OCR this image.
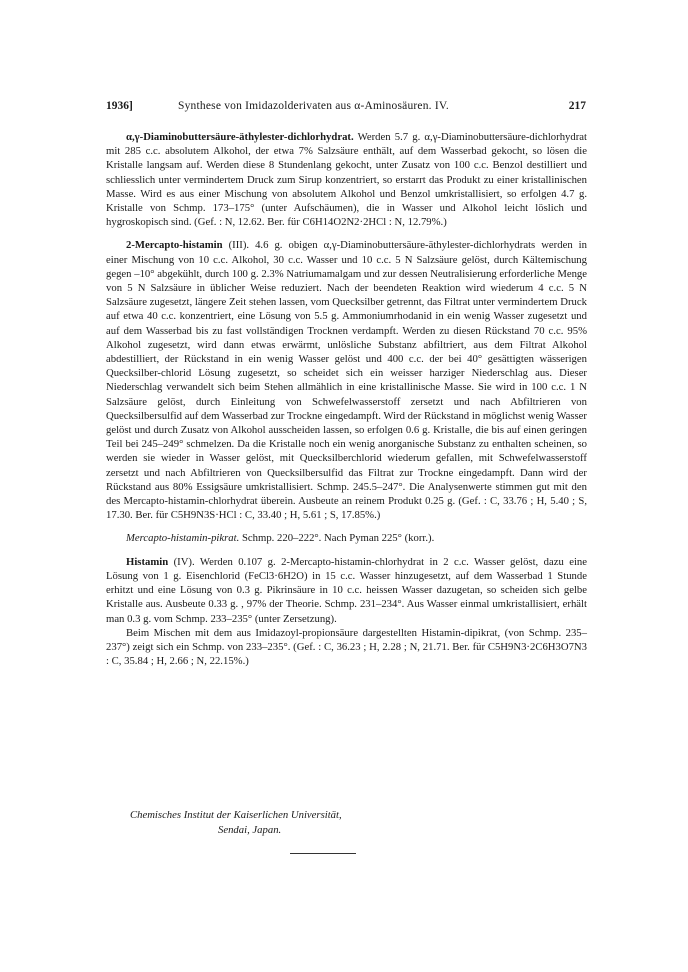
1936]	Synthese von Imidazolderivaten aus α-Aminosäuren. IV.	217

α,γ-Diaminobuttersäure-äthylester-dichlorhydrat. Werden 5.7 g. α,γ-Diaminobuttersäure-dichlorhydrat mit 285 c.c. absolutem Alkohol, der etwa 7% Salzsäure enthält, auf dem Wasserbad gekocht, so lösen die Kristalle langsam auf. Werden diese 8 Stundenlang gekocht, unter Zusatz von 100 c.c. Benzol destilliert und schliesslich unter vermindertem Druck zum Sirup konzentriert, so erstarrt das Produkt zu einer kristallinischen Masse. Wird es aus einer Mischung von absolutem Alkohol und Benzol umkristallisiert, so erfolgen 4.7 g. Kristalle von Schmp. 173–175° (unter Aufschäumen), die in Wasser und Alkohol leicht löslich und hygroskopisch sind. (Gef. : N, 12.62. Ber. für C6H14O2N2·2HCl : N, 12.79%.)

2-Mercapto-histamin (III). 4.6 g. obigen α,γ-Diaminobuttersäure-äthylester-dichlorhydrats werden in einer Mischung von 10 c.c. Alkohol, 30 c.c. Wasser und 10 c.c. 5 N Salzsäure gelöst, durch Kältemischung gegen –10° abgekühlt, durch 100 g. 2.3% Natriumamalgam und zur dessen Neutralisierung erforderliche Menge von 5 N Salzsäure in üblicher Weise reduziert. Nach der beendeten Reaktion wird wiederum 4 c.c. 5 N Salzsäure zugesetzt, längere Zeit stehen lassen, vom Quecksilber getrennt, das Filtrat unter vermindertem Druck auf etwa 40 c.c. konzentriert, eine Lösung von 5.5 g. Ammoniumrhodanid in ein wenig Wasser zugesetzt und auf dem Wasserbad bis zu fast vollständigen Trocknen verdampft. Werden zu diesen Rückstand 70 c.c. 95% Alkohol zugesetzt, wird dann etwas erwärmt, unlösliche Substanz abfiltriert, aus dem Filtrat Alkohol abdestilliert, der Rückstand in ein wenig Wasser gelöst und 400 c.c. der bei 40° gesättigten wässerigen Quecksilber-chlorid Lösung zugesetzt, so scheidet sich ein weisser harziger Niederschlag aus. Dieser Niederschlag verwandelt sich beim Stehen allmählich in eine kristallinische Masse. Sie wird in 100 c.c. 1 N Salzsäure gelöst, durch Einleitung von Schwefelwasserstoff zersetzt und nach Abfiltrieren von Quecksilbersulfid auf dem Wasserbad zur Trockne eingedampft. Wird der Rückstand in möglichst wenig Wasser gelöst und durch Zusatz von Alkohol ausscheiden lassen, so erfolgen 0.6 g. Kristalle, die bis auf einen geringen Teil bei 245–249° schmelzen. Da die Kristalle noch ein wenig anorganische Substanz zu enthalten scheinen, so werden sie wieder in Wasser gelöst, mit Quecksilberchlorid wiederum gefallen, mit Schwefelwasserstoff zersetzt und nach Abfiltrieren von Quecksilbersulfid das Filtrat zur Trockne eingedampft. Dann wird der Rückstand aus 80% Essigsäure umkristallisiert. Schmp. 245.5–247°. Die Analysenwerte stimmen gut mit den des Mercapto-histamin-chlorhydrat überein. Ausbeute an reinem Produkt 0.25 g. (Gef. : C, 33.76 ; H, 5.40 ; S, 17.30. Ber. für C5H9N3S·HCl : C, 33.40 ; H, 5.61 ; S, 17.85%.)

Mercapto-histamin-pikrat. Schmp. 220–222°. Nach Pyman 225° (korr.).

Histamin (IV). Werden 0.107 g. 2-Mercapto-histamin-chlorhydrat in 2 c.c. Wasser gelöst, dazu eine Lösung von 1 g. Eisenchlorid (FeCl3·6H2O) in 15 c.c. Wasser hinzugesetzt, auf dem Wasserbad 1 Stunde erhitzt und eine Lösung von 0.3 g. Pikrinsäure in 10 c.c. heissen Wasser dazugetan, so scheiden sich gelbe Kristalle aus. Ausbeute 0.33 g. , 97% der Theorie. Schmp. 231–234°. Aus Wasser einmal umkristallisiert, erhält man 0.3 g. vom Schmp. 233–235° (unter Zersetzung).

Beim Mischen mit dem aus Imidazoyl-propionsäure dargestellten Histamin-dipikrat, (von Schmp. 235–237°) zeigt sich ein Schmp. von 233–235°. (Gef. : C, 36.23 ; H, 2.28 ; N, 21.71. Ber. für C5H9N3·2C6H3O7N3 : C, 35.84 ; H, 2.66 ; N, 22.15%.)

Chemisches Institut der Kaiserlichen Universität,
Sendai, Japan.
